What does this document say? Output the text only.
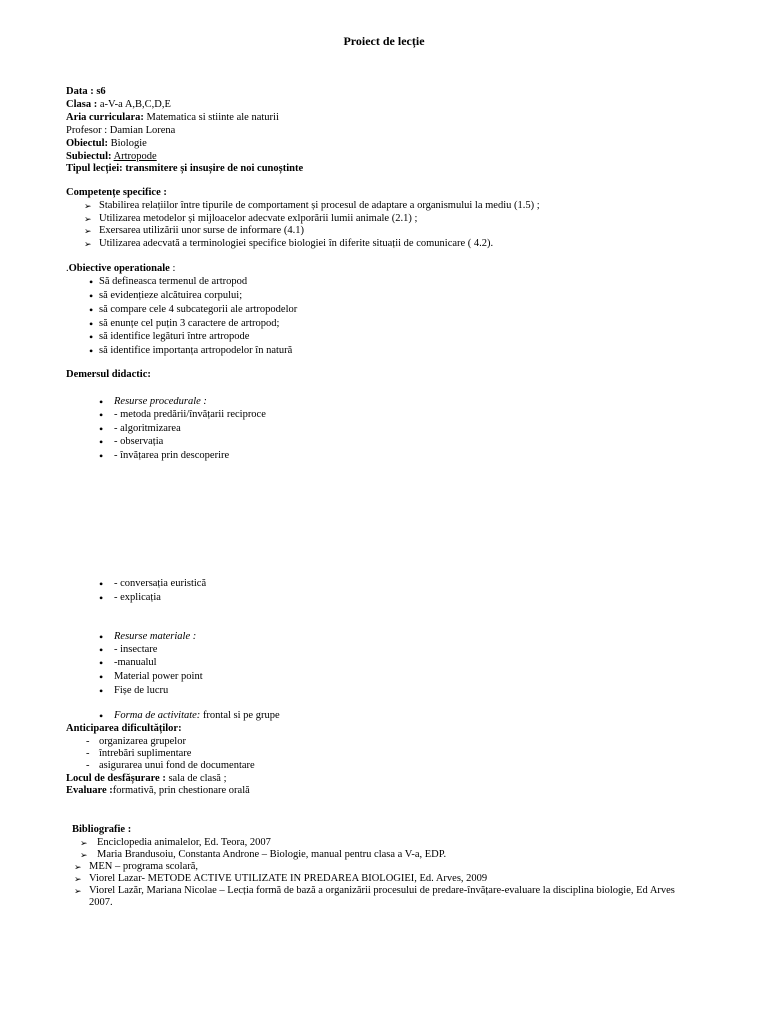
Proiect de lecție
Data : s6
Clasa : a-V-a A,B,C,D,E
Aria curriculara: Matematica si stiinte ale naturii
Profesor : Damian Lorena
Obiectul: Biologie
Subiectul: Artropode
Tipul lecției: transmitere și insușire de noi cunoștinte
Competențe specifice :
➢ Stabilirea relațiilor între tipurile de comportament și procesul de adaptare a organismului la mediu (1.5) ;
➢ Utilizarea metodelor și mijloacelor adecvate exlporării lumii animale (2.1) ;
➢ Exersarea utilizării unor surse de informare (4.1)
➢ Utilizarea adecvată a terminologiei specifice biologiei în diferite situații de comunicare ( 4.2).
.Obiective operationale :
• Să defineasca termenul de artropod
• să evidențieze alcătuirea corpului;
• să compare cele 4 subcategorii ale artropodelor
• să enunțe cel puțin 3 caractere de artropod;
• să identifice legături între artropode
• să identifice importanța artropodelor în natură
Demersul didactic:
• Resurse procedurale :
• - metoda predării/învățarii reciproce
• - algoritmizarea
• - observația
• - învățarea prin descoperire
• - conversația euristică
• - explicația
• Resurse materiale :
• - insectare
• -manualul
• Material power point
• Fișe de lucru
• Forma de activitate: frontal si pe grupe
Anticiparea dificultăților:
- organizarea grupelor
- întrebări suplimentare
- asigurarea unui fond de documentare
Locul de desfășurare : sala de clasă ;
Evaluare :formativă, prin chestionare orală
Bibliografie :
➢ Enciclopedia animalelor, Ed. Teora, 2007
➢ Maria Brandusoiu, Constanta Androne – Biologie, manual pentru clasa a V-a, EDP.
➢ MEN – programa scolară,
➢ Viorel Lazar- METODE ACTIVE UTILIZATE IN PREDAREA BIOLOGIEI, Ed. Arves, 2009
➢ Viorel Lazăr, Mariana Nicolae – Lecția formă de bază a organizării procesului de predare-învățare-evaluare la disciplina biologie, Ed Arves
2007.
